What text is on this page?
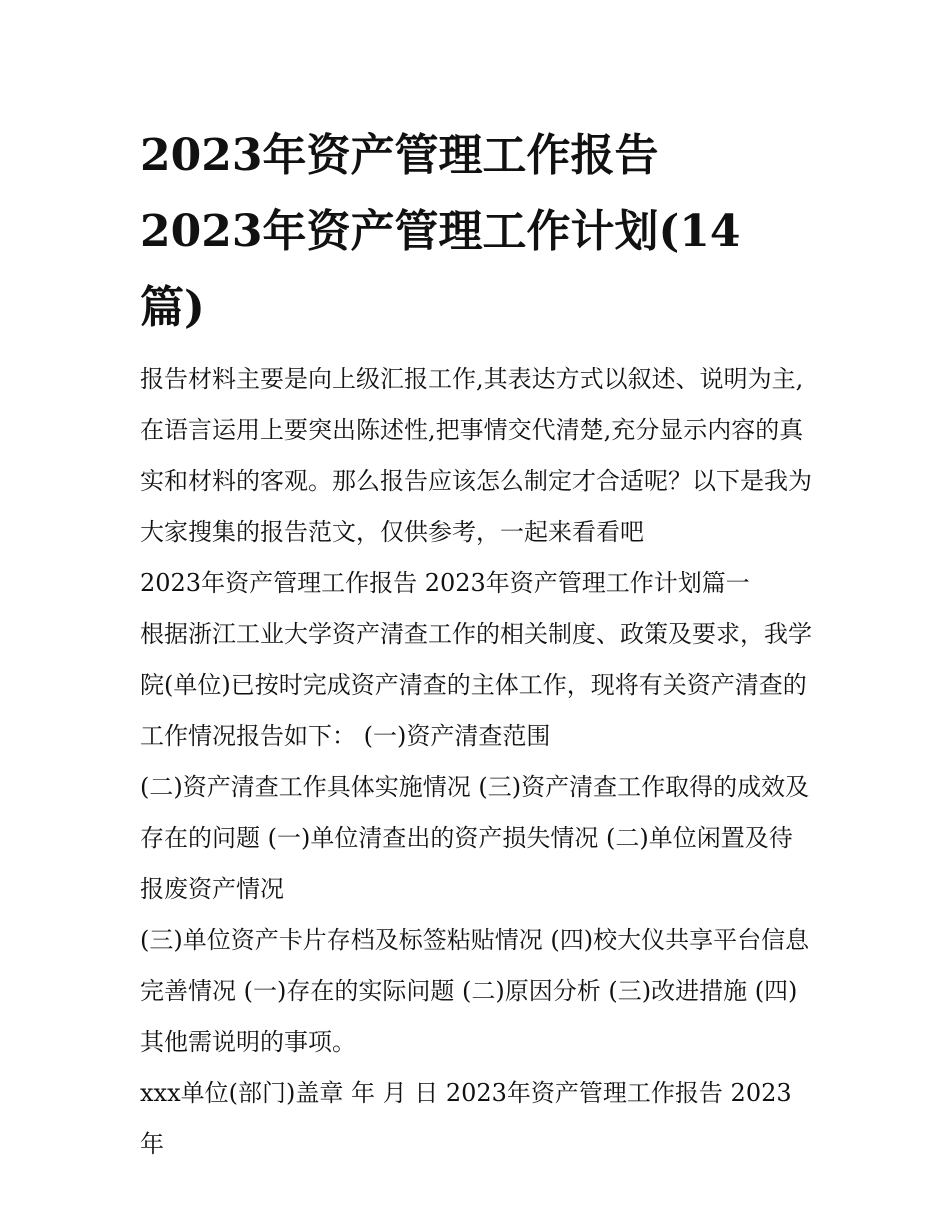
2023年资产管理工作报告
2023年资产管理工作计划(14
篇)

报告材料主要是向上级汇报工作,其表达方式以叙述、说明为主,在语言运用上要突出陈述性,把事情交代清楚,充分显示内容的真实和材料的客观。那么报告应该怎么制定才合适呢？以下是我为大家搜集的报告范文，仅供参考，一起来看看吧

2023年资产管理工作报告 2023年资产管理工作计划篇一

根据浙江工业大学资产清查工作的相关制度、政策及要求，我学院(单位)已按时完成资产清查的主体工作，现将有关资产清查的工作情况报告如下： (一)资产清查范围

(二)资产清查工作具体实施情况 (三)资产清查工作取得的成效及存在的问题 (一)单位清查出的资产损失情况 (二)单位闲置及待报废资产情况

(三)单位资产卡片存档及标签粘贴情况 (四)校大仪共享平台信息完善情况 (一)存在的实际问题 (二)原因分析 (三)改进措施 (四)其他需说明的事项。

xxx单位(部门)盖章 年 月 日 2023年资产管理工作报告 2023年
